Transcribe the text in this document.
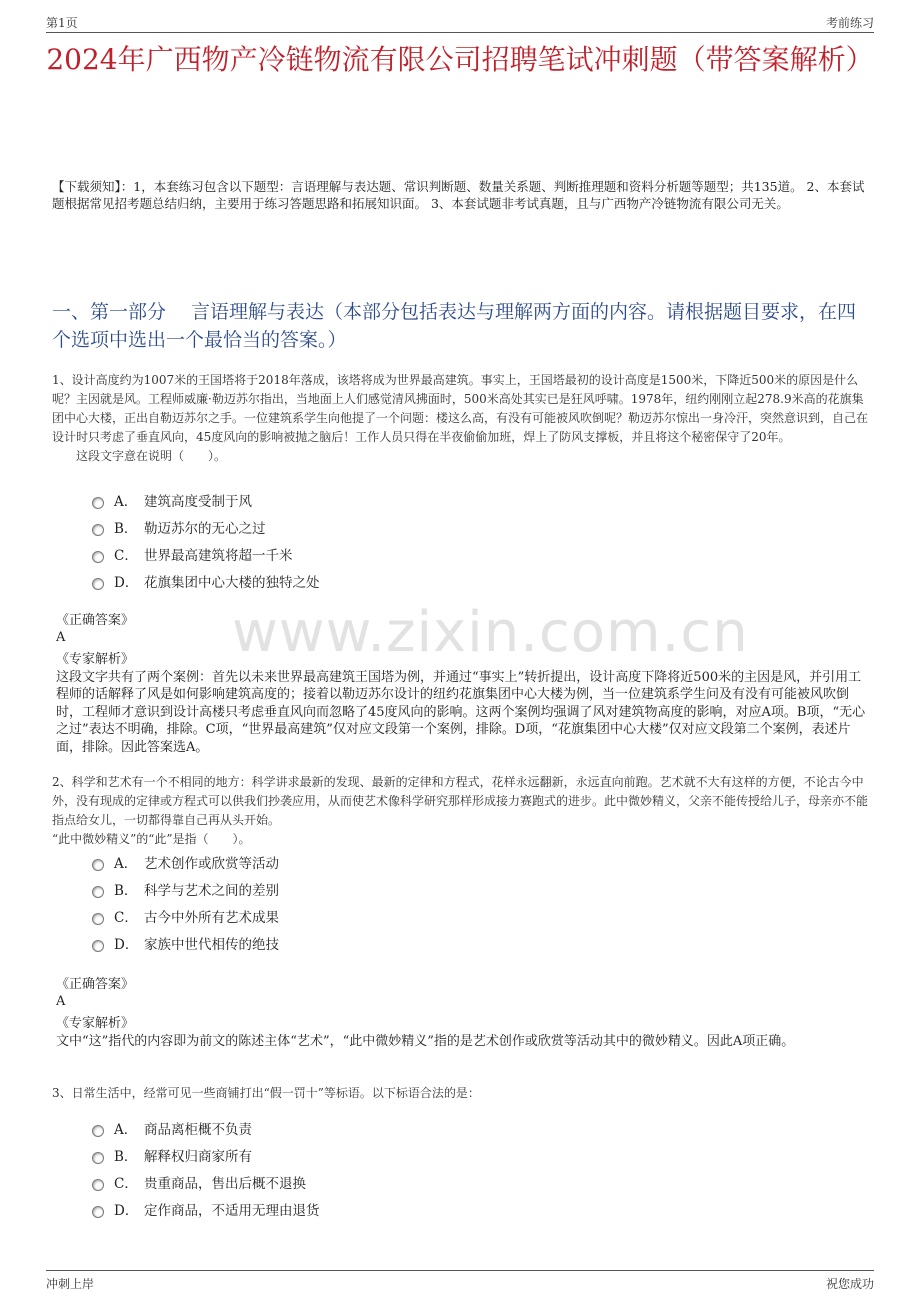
第1页	考前练习
2024年广西物产冷链物流有限公司招聘笔试冲刺题（带答案解析）
【下载须知】：1，本套练习包含以下题型：言语理解与表达题、常识判断题、数量关系题、判断推理题和资料分析题等题型；共135道。 2、本套试题根据常见招考题总结归纳，主要用于练习答题思路和拓展知识面。 3、本套试题非考试真题，且与广西物产冷链物流有限公司无关。
一、第一部分　 言语理解与表达（本部分包括表达与理解两方面的内容。请根据题目要求，在四个选项中选出一个最恰当的答案。）
www.zixin.com.cn
1、设计高度约为1007米的王国塔将于2018年落成，该塔将成为世界最高建筑。事实上，王国塔最初的设计高度是1500米，下降近500米的原因是什么呢？主因就是风。工程师威廉·勒迈苏尔指出，当地面上人们感觉清风拂面时，500米高处其实已是狂风呼啸。1978年，纽约刚刚立起278.9米高的花旗集团中心大楼，正出自勒迈苏尔之手。一位建筑系学生向他提了一个问题：楼这么高，有没有可能被风吹倒呢？勒迈苏尔惊出一身冷汗，突然意识到，自己在设计时只考虑了垂直风向，45度风向的影响被抛之脑后！工作人员只得在半夜偷偷加班，焊上了防风支撑板，并且将这个秘密保守了20年。
这段文字意在说明（　　）。
A． 建筑高度受制于风
B． 勒迈苏尔的无心之过
C． 世界最高建筑将超一千米
D． 花旗集团中心大楼的独特之处
《正确答案》
A
《专家解析》
这段文字共有了两个案例：首先以未来世界最高建筑王国塔为例，并通过“事实上”转折提出，设计高度下降将近500米的主因是风，并引用工程师的话解释了风是如何影响建筑高度的；接着以勒迈苏尔设计的纽约花旗集团中心大楼为例，当一位建筑系学生问及有没有可能被风吹倒时，工程师才意识到设计高楼只考虑垂直风向而忽略了45度风向的影响。这两个案例均强调了风对建筑物高度的影响，对应A项。B项，“无心之过”表达不明确，排除。C项，“世界最高建筑”仅对应文段第一个案例，排除。D项，“花旗集团中心大楼”仅对应文段第二个案例，表述片面，排除。因此答案选A。
2、科学和艺术有一个不相同的地方：科学讲求最新的发现、最新的定律和方程式，花样永远翻新，永远直向前跑。艺术就不大有这样的方便，不论古今中外，没有现成的定律或方程式可以供我们抄袭应用，从而使艺术像科学研究那样形成接力赛跑式的进步。此中微妙精义，父亲不能传授给儿子，母亲亦不能指点给女儿，一切都得靠自己再从头开始。
“此中微妙精义”的“此”是指（　　）。
A． 艺术创作或欣赏等活动
B． 科学与艺术之间的差别
C． 古今中外所有艺术成果
D． 家族中世代相传的绝技
《正确答案》
A
《专家解析》
文中“这”指代的内容即为前文的陈述主体“艺术”，“此中微妙精义”指的是艺术创作或欣赏等活动其中的微妙精义。因此A项正确。
3、日常生活中，经常可见一些商铺打出“假一罚十”等标语。以下标语合法的是：
A． 商品离柜概不负责
B． 解释权归商家所有
C． 贵重商品，售出后概不退换
D． 定作商品，不适用无理由退货
冲刺上岸	祝您成功
